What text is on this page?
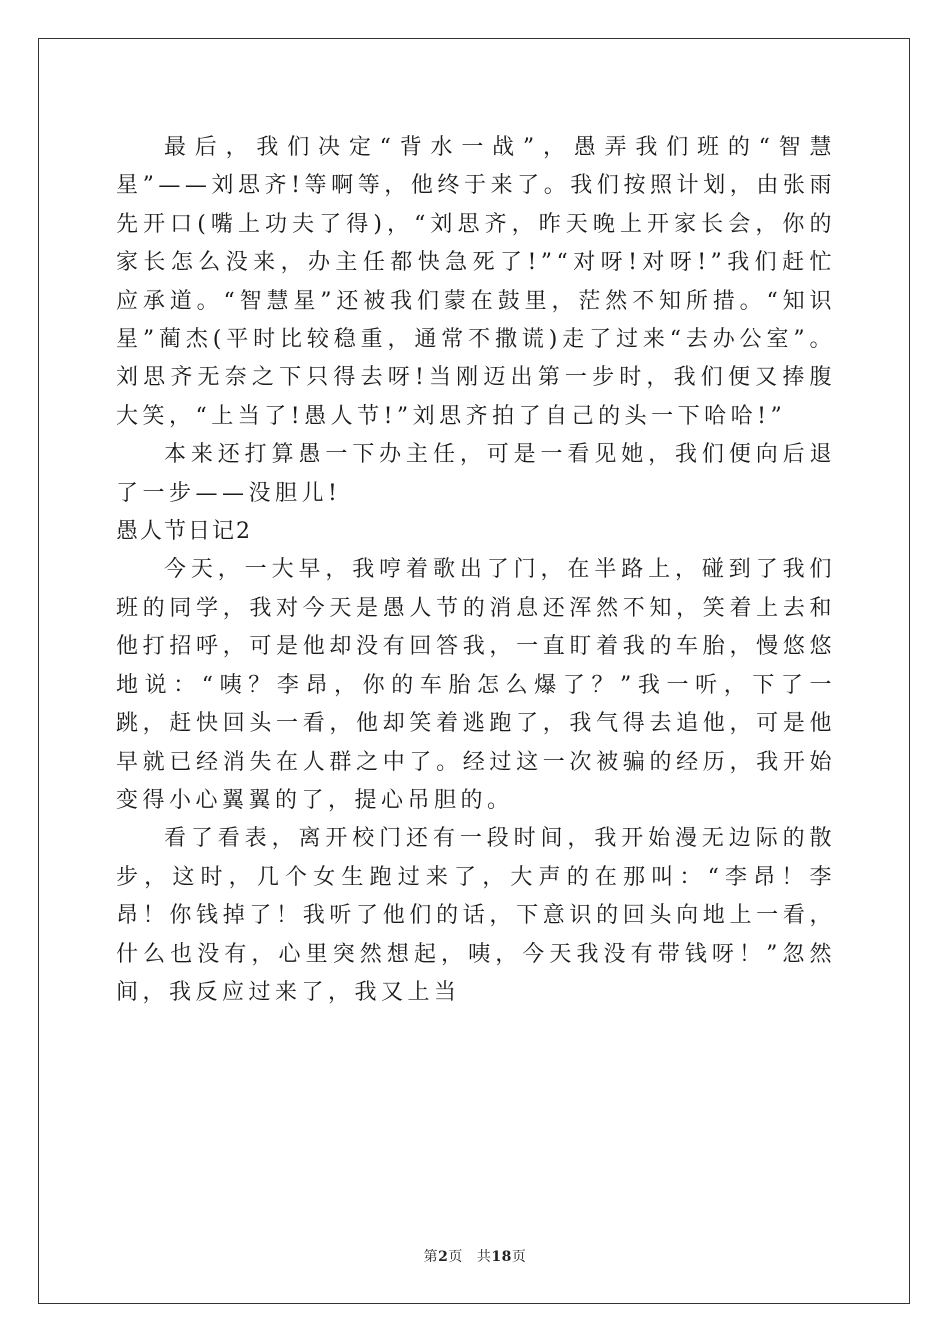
最后，我们决定“背水一战”，愚弄我们班的“智慧星”——刘思齐!等啊等，他终于来了。我们按照计划，由张雨先开口(嘴上功夫了得)，“刘思齐，昨天晚上开家长会，你的家长怎么没来，办主任都快急死了!”“对呀!对呀!”我们赶忙应承道。“智慧星”还被我们蒙在鼓里，茫然不知所措。“知识星”蔺杰(平时比较稳重，通常不撒谎)走了过来“去办公室”。刘思齐无奈之下只得去呀!当刚迈出第一步时，我们便又捧腹大笑，“上当了!愚人节!”刘思齐拍了自己的头一下哈哈!”

本来还打算愚一下办主任，可是一看见她，我们便向后退了一步——没胆儿!

愚人节日记2

今天，一大早，我哼着歌出了门，在半路上，碰到了我们班的同学，我对今天是愚人节的消息还浑然不知，笑着上去和他打招呼，可是他却没有回答我，一直盯着我的车胎，慢悠悠地说：“咦？李昂，你的车胎怎么爆了？”我一听，下了一跳，赶快回头一看，他却笑着逃跑了，我气得去追他，可是他早就已经消失在人群之中了。经过这一次被骗的经历，我开始变得小心翼翼的了，提心吊胆的。

看了看表，离开校门还有一段时间，我开始漫无边际的散步，这时，几个女生跑过来了，大声的在那叫：“李昂！李昂！你钱掉了！我听了他们的话，下意识的回头向地上一看，什么也没有，心里突然想起，咦，今天我没有带钱呀！”忽然间，我反应过来了，我又上当

第2页 共18页
